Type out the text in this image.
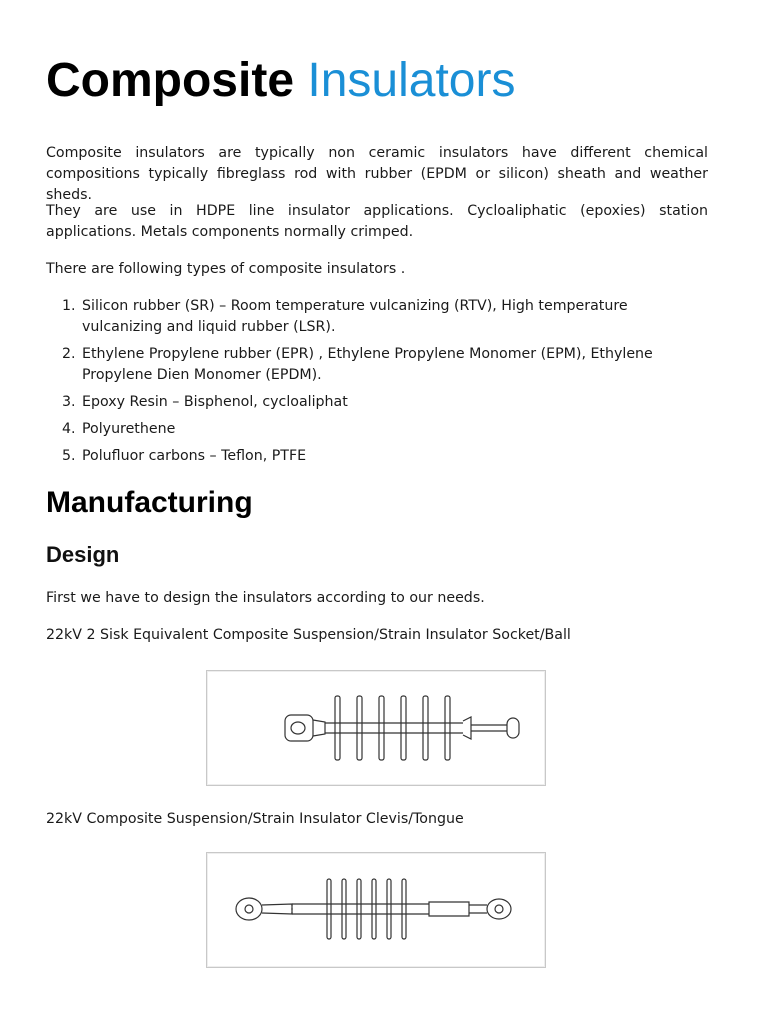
Composite Insulators

Composite insulators are typically non ceramic insulators have different chemical compositions typically fibreglass rod with rubber (EPDM or silicon) sheath and weather sheds.

They are use in HDPE line insulator applications. Cycloaliphatic (epoxies) station applications. Metals components normally crimped.

There are following types of composite insulators .

1. Silicon rubber (SR) – Room temperature vulcanizing (RTV), High temperature vulcanizing and liquid rubber (LSR).
2. Ethylene Propylene rubber (EPR) , Ethylene Propylene Monomer (EPM), Ethylene Propylene Dien Monomer (EPDM).
3. Epoxy Resin – Bisphenol, cycloaliphat
4. Polyurethene
5. Polufluor carbons – Teflon, PTFE
Manufacturing
Design

First we have to design the insulators according to our needs.

22kV 2 Sisk Equivalent Composite Suspension/Strain Insulator Socket/Ball

22kV Composite Suspension/Strain Insulator Clevis/Tongue
